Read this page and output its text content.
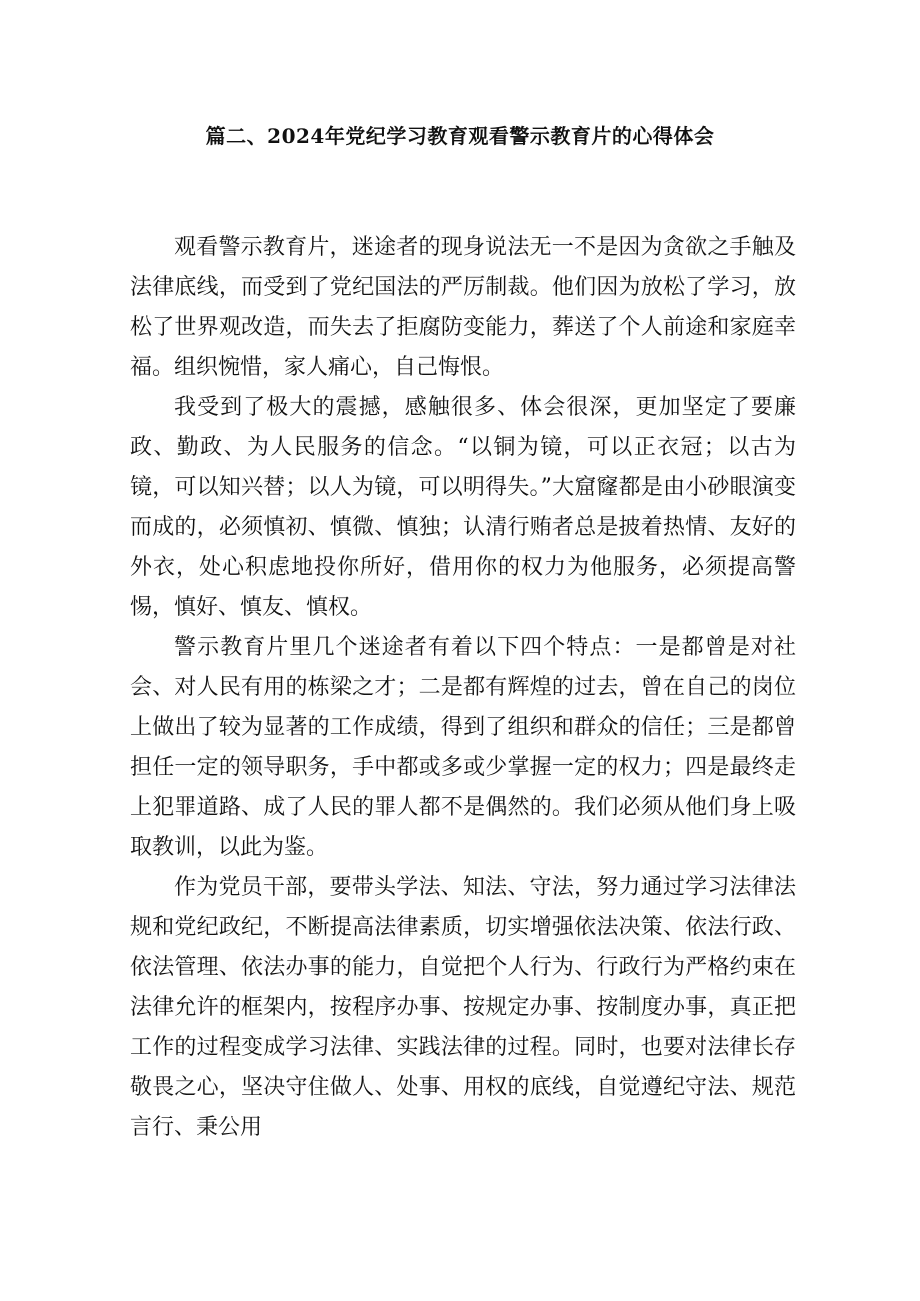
篇二、2024年党纪学习教育观看警示教育片的心得体会

观看警示教育片，迷途者的现身说法无一不是因为贪欲之手触及法律底线，而受到了党纪国法的严厉制裁。他们因为放松了学习，放松了世界观改造，而失去了拒腐防变能力，葬送了个人前途和家庭幸福。组织惋惜，家人痛心，自己悔恨。

我受到了极大的震撼，感触很多、体会很深，更加坚定了要廉政、勤政、为人民服务的信念。“以铜为镜，可以正衣冠；以古为镜，可以知兴替；以人为镜，可以明得失。”大窟窿都是由小砂眼演变而成的，必须慎初、慎微、慎独；认清行贿者总是披着热情、友好的外衣，处心积虑地投你所好，借用你的权力为他服务，必须提高警惕，慎好、慎友、慎权。

警示教育片里几个迷途者有着以下四个特点：一是都曾是对社会、对人民有用的栋梁之才；二是都有辉煌的过去，曾在自己的岗位上做出了较为显著的工作成绩，得到了组织和群众的信任；三是都曾担任一定的领导职务，手中都或多或少掌握一定的权力；四是最终走上犯罪道路、成了人民的罪人都不是偶然的。我们必须从他们身上吸取教训，以此为鉴。

作为党员干部，要带头学法、知法、守法，努力通过学习法律法规和党纪政纪，不断提高法律素质，切实增强依法决策、依法行政、依法管理、依法办事的能力，自觉把个人行为、行政行为严格约束在法律允许的框架内，按程序办事、按规定办事、按制度办事，真正把工作的过程变成学习法律、实践法律的过程。同时，也要对法律长存敬畏之心，坚决守住做人、处事、用权的底线，自觉遵纪守法、规范言行、秉公用
